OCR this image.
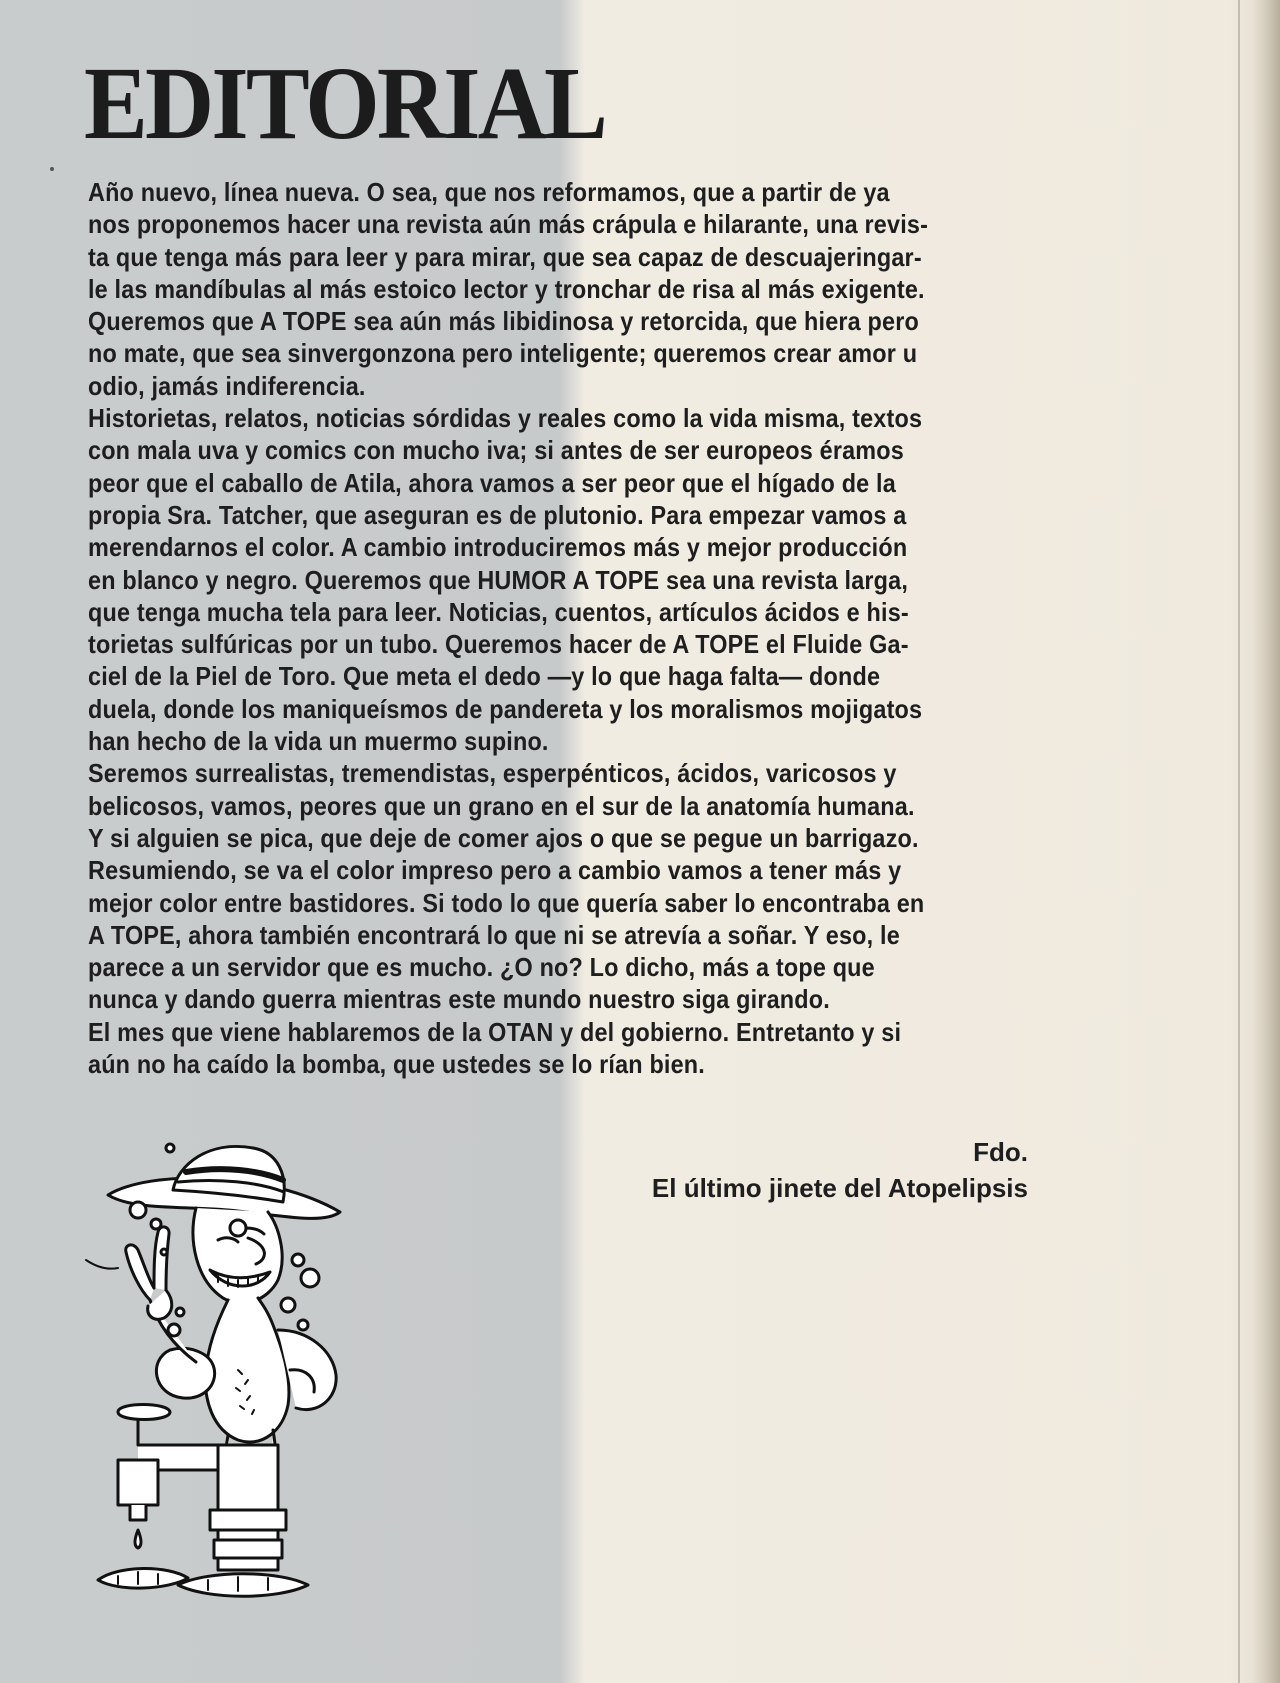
EDITORIAL
Año nuevo, línea nueva. O sea, que nos reformamos, que a partir de ya
nos proponemos hacer una revista aún más crápula e hilarante, una revis-
ta que tenga más para leer y para mirar, que sea capaz de descuajeringar-
le las mandíbulas al más estoico lector y tronchar de risa al más exigente.
Queremos que A TOPE sea aún más libidinosa y retorcida, que hiera pero
no mate, que sea sinvergonzona pero inteligente; queremos crear amor u
odio, jamás indiferencia.
Historietas, relatos, noticias sórdidas y reales como la vida misma, textos
con mala uva y comics con mucho iva; si antes de ser europeos éramos
peor que el caballo de Atila, ahora vamos a ser peor que el hígado de la
propia Sra. Tatcher, que aseguran es de plutonio. Para empezar vamos a
merendarnos el color. A cambio introduciremos más y mejor producción
en blanco y negro. Queremos que HUMOR A TOPE sea una revista larga,
que tenga mucha tela para leer. Noticias, cuentos, artículos ácidos e his-
torietas sulfúricas por un tubo. Queremos hacer de A TOPE el Fluide Ga-
ciel de la Piel de Toro. Que meta el dedo —y lo que haga falta— donde
duela, donde los maniqueísmos de pandereta y los moralismos mojigatos
han hecho de la vida un muermo supino.
Seremos surrealistas, tremendistas, esperpénticos, ácidos, varicosos y
belicosos, vamos, peores que un grano en el sur de la anatomía humana.
Y si alguien se pica, que deje de comer ajos o que se pegue un barrigazo.
Resumiendo, se va el color impreso pero a cambio vamos a tener más y
mejor color entre bastidores. Si todo lo que quería saber lo encontraba en
A TOPE, ahora también encontrará lo que ni se atrevía a soñar. Y eso, le
parece a un servidor que es mucho. ¿O no? Lo dicho, más a tope que
nunca y dando guerra mientras este mundo nuestro siga girando.
El mes que viene hablaremos de la OTAN y del gobierno. Entretanto y si
aún no ha caído la bomba, que ustedes se lo rían bien.
Fdo.
El último jinete del Atopelipsis
